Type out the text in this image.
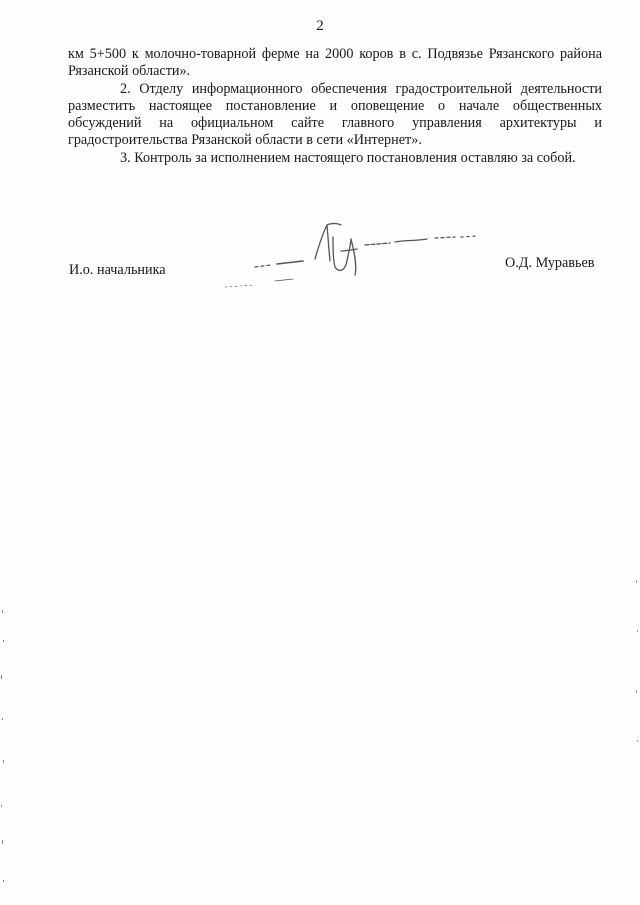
2

км 5+500 к молочно-товарной ферме на 2000 коров в с. Подвязье Рязанского района Рязанской области».

2. Отделу информационного обеспечения градостроительной деятельности разместить настоящее постановление и оповещение о начале общественных обсуждений на официальном сайте главного управления архитектуры и градостроительства Рязанской области в сети «Интернет».

3. Контроль за исполнением настоящего постановления оставляю за собой.

И.о. начальника	О.Д. Муравьев
